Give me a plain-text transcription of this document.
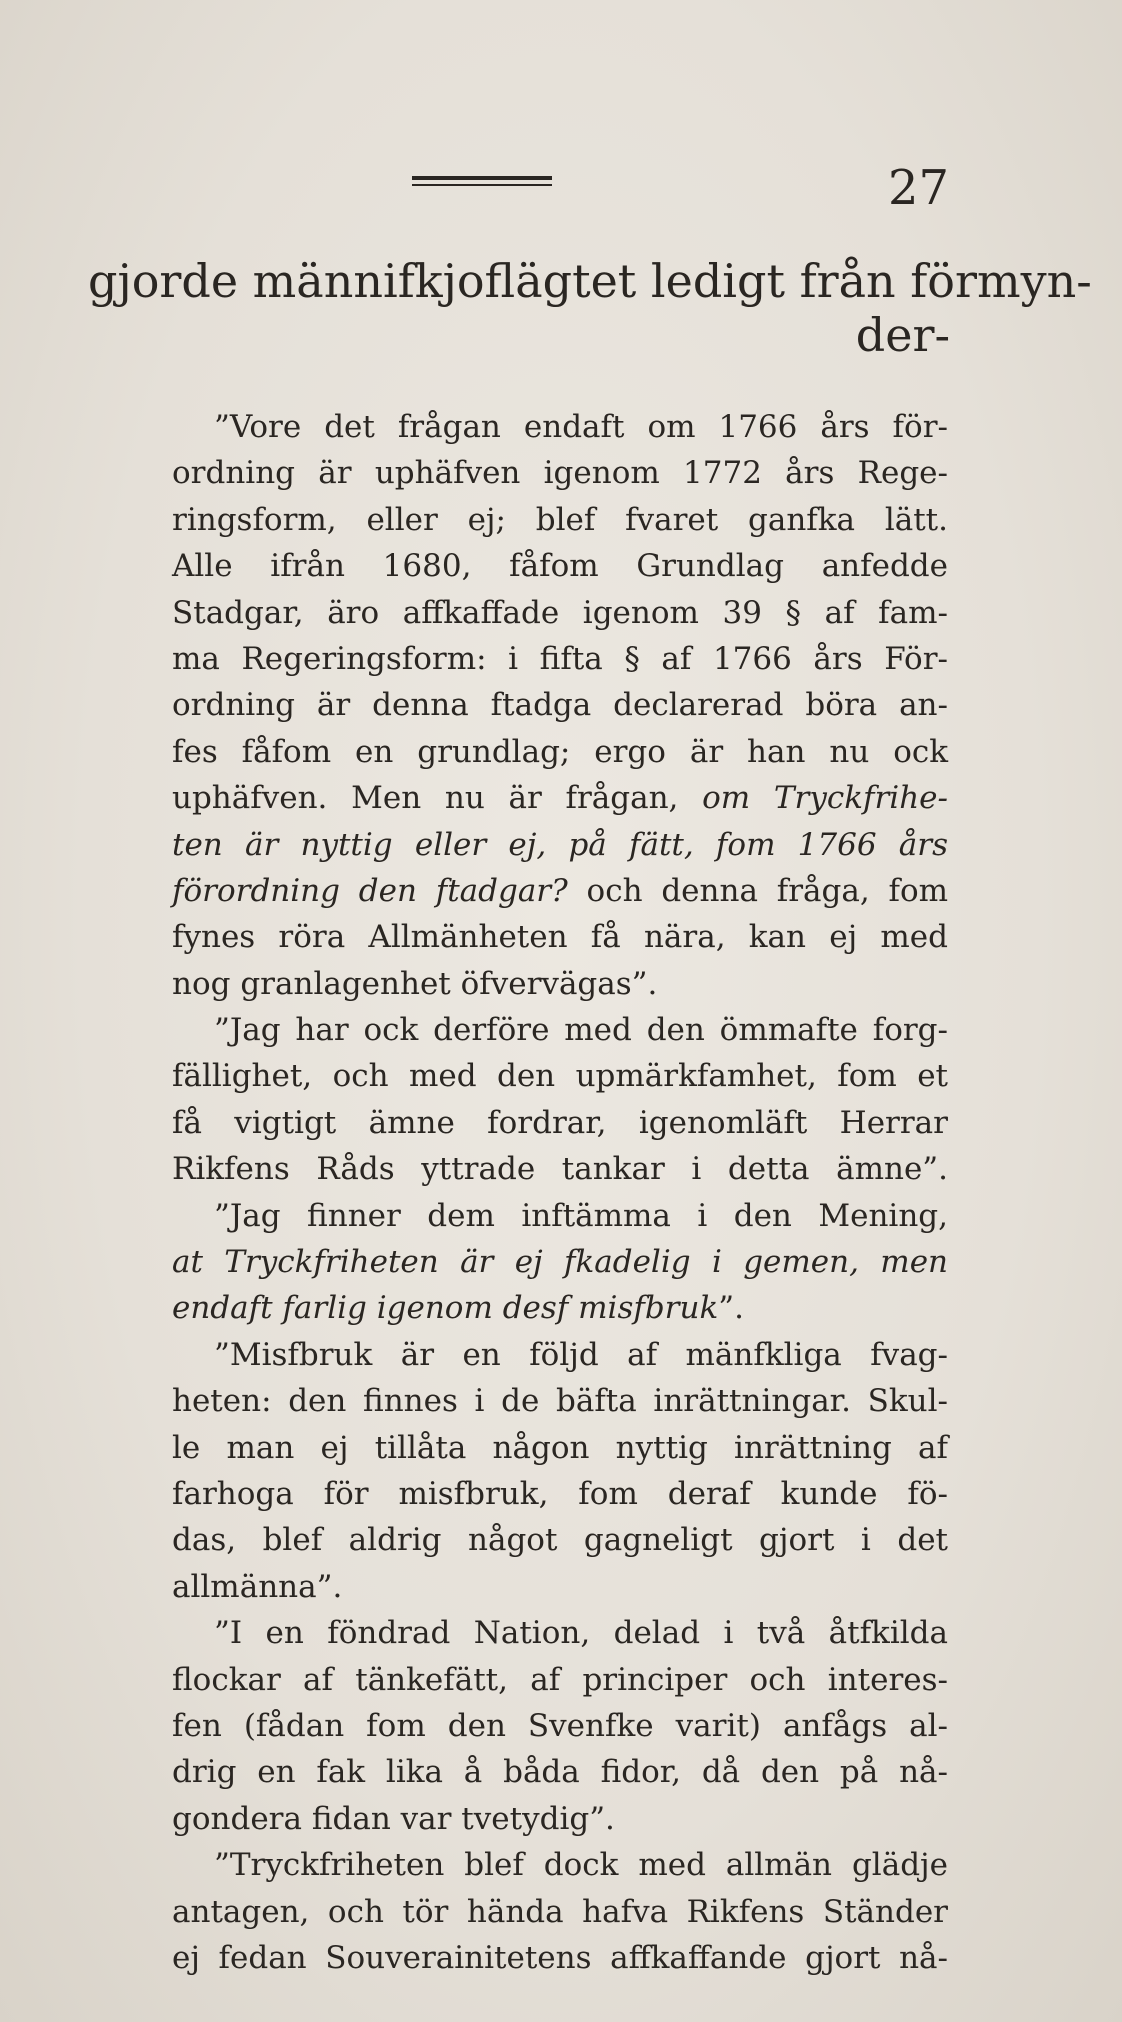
27
gjorde männifkjoflägtet ledigt från förmyn-
der-
”Vore det frågan endaft om 1766 års för-
ordning är uphäfven igenom 1772 års Rege-
ringsform, eller ej; blef fvaret ganfka lätt.
Alle ifrån 1680, fåfom Grundlag anfedde
Stadgar, äro affkaffade igenom 39 § af fam-
ma Regeringsform: i fifta § af 1766 års För-
ordning är denna ftadga declarerad böra an-
fes fåfom en grundlag; ergo är han nu ock
uphäfven. Men nu är frågan, om Tryckfrihe-
ten är nyttig eller ej, på fätt, fom 1766 års
förordning den ftadgar? och denna fråga, fom
fynes röra Allmänheten få nära, kan ej med
nog granlagenhet öfvervägas”.
”Jag har ock derföre med den ömmafte forg-
fällighet, och med den upmärkfamhet, fom et
få vigtigt ämne fordrar, igenomläft Herrar
Rikfens Råds yttrade tankar i detta ämne”.
”Jag finner dem inftämma i den Mening,
at Tryckfriheten är ej fkadelig i gemen, men
endaft farlig igenom desf misfbruk”.
”Misfbruk är en följd af mänfkliga fvag-
heten: den finnes i de bäfta inrättningar. Skul-
le man ej tillåta någon nyttig inrättning af
farhoga för misfbruk, fom deraf kunde fö-
das, blef aldrig något gagneligt gjort i det
allmänna”.
”I en föndrad Nation, delad i två åtfkilda
flockar af tänkefätt, af principer och interes-
fen (fådan fom den Svenfke varit) anfågs al-
drig en fak lika å båda fidor, då den på nå-
gondera fidan var tvetydig”.
”Tryckfriheten blef dock med allmän glädje
antagen, och tör hända hafva Rikfens Ständer
ej fedan Souverainitetens affkaffande gjort nå-
